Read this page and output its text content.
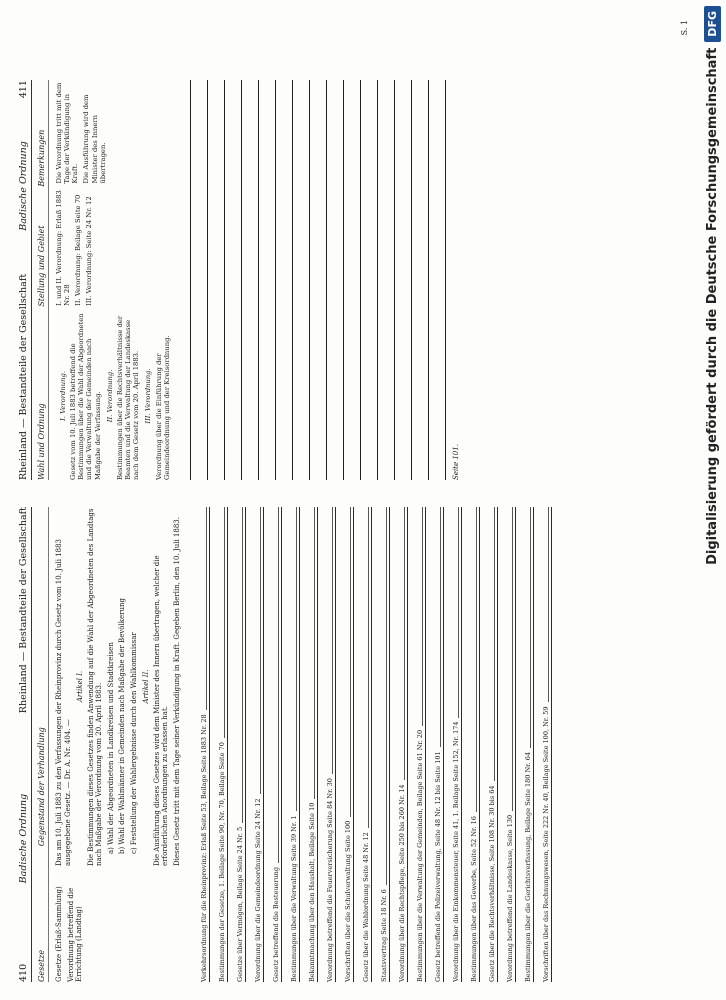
410
Badische Ordnung
Rheinland — Bestandteile der Gesellschaft
Gesetze
Gegenstand der Verhandlung

Gesetze (Erlaß-Sammlung) Verordnung betreffend die Errichtung (Landtag)

Das am 10. Juli 1883 zu den Verfassungen der Rheinprovinz durch Gesetz vom 10. Juli 1883 ausgegebene Gesetz. — Dr. A. Nr. 404. —

Artikel I. Die Bestimmungen dieses Gesetzes finden Anwendung auf die Wahl der Abgeordneten des Landtags nach Maßgabe der Verordnung vom 20. April 1883. a) Wahl der Abgeordneten in Landkreisen und Stadtkreisen b) Wahl der Wahlmänner in Gemeinden nach Maßgabe der Bevölkerung c) Feststellung der Wahlergebnisse durch den Wahlkommissar Artikel II. Die Ausführung dieses Gesetzes wird dem Minister des Innern übertragen, welcher die erforderlichen Anordnungen zu erlassen hat. Dieses Gesetz tritt mit dem Tage seiner Verkündigung in Kraft. Gegeben Berlin, den 10. Juli 1883.	Verkehrsordnung für die Rheinprovinz: Erlaß Seite 53, Beilage Seite 1883 Nr. 28 Bestimmungen der Gesetze, 1. Beilage Seite 90, Nr. 70, Beilage Seite 70 Gesetze über Vermögen, Beilage Seite 24 Nr. 5 Verordnung über die Gemeindeordnung Seite 24 Nr. 12 Gesetz betreffend die Besteuerung Bestimmungen über die Verwaltung Seite 39 Nr. 1 Bekanntmachung über den Haushalt, Beilage Seite 10 Verordnung betreffend die Feuerversicherung Seite 84 Nr. 30 Vorschriften über die Schulverwaltung Seite 100 Gesetz über die Wahlordnung Seite 48 Nr. 12 Staatsvertrag Seite 18 Nr. 6 Verordnung über die Rechtspflege, Seite 250 bis 260 Nr. 14 Bestimmungen über die Verwaltung der Gemeinden, Beilage Seite 61 Nr. 20 Gesetz betreffend die Polizeiverwaltung, Seite 48 Nr. 12 bis Seite 101 Verordnung über die Einkommensteuer, Seite 41, 1. Beilage Seite 152, Nr. 174 Bestimmungen über das Gewerbe, Seite 52 Nr. 16 Gesetz über die Rechtsverhältnisse, Seite 108 Nr. 30 bis 64 Verordnung betreffend die Landeskasse, Seite 130 Bestimmungen über die Gerichtsverfassung, Beilage Seite 180 Nr. 64 Vorschriften über das Rechnungswesen, Seite 222 Nr. 40, Beilage Seite 100, Nr. 59
Rheinland — Bestandteile der Gesellschaft
Badische Ordnung
411
Wahl und Ordnung
Stellung und Gebiet
Bemerkungen
I. Verordnung. Gesetz vom 10. Juli 1883 betreffend die Bestimmungen über die Wahl der Abgeordneten und die Verwaltung der Gemeinden nach Maßgabe der Verfassung. II. Verordnung. Bestimmungen über die Rechtsverhältnisse der Beamten und die Verwaltung der Landeskasse nach dem Gesetz vom 20. April 1883. III. Verordnung. Verordnung über die Einführung der Gemeindeordnung und der Kreisordnung.

I. und II. Verordnung: Erlaß 1883 Nr. 28 II. Verordnung: Beilage Seite 70 III. Verordnung: Seite 24 Nr. 12

Die Verordnung tritt mit dem Tage der Verkündigung in Kraft. Die Ausführung wird dem Minister des Innern übertragen.

Seite 101.
S. 1
Digitalisierung gefördert durch die Deutsche Forschungsgemeinschaft
DFG
